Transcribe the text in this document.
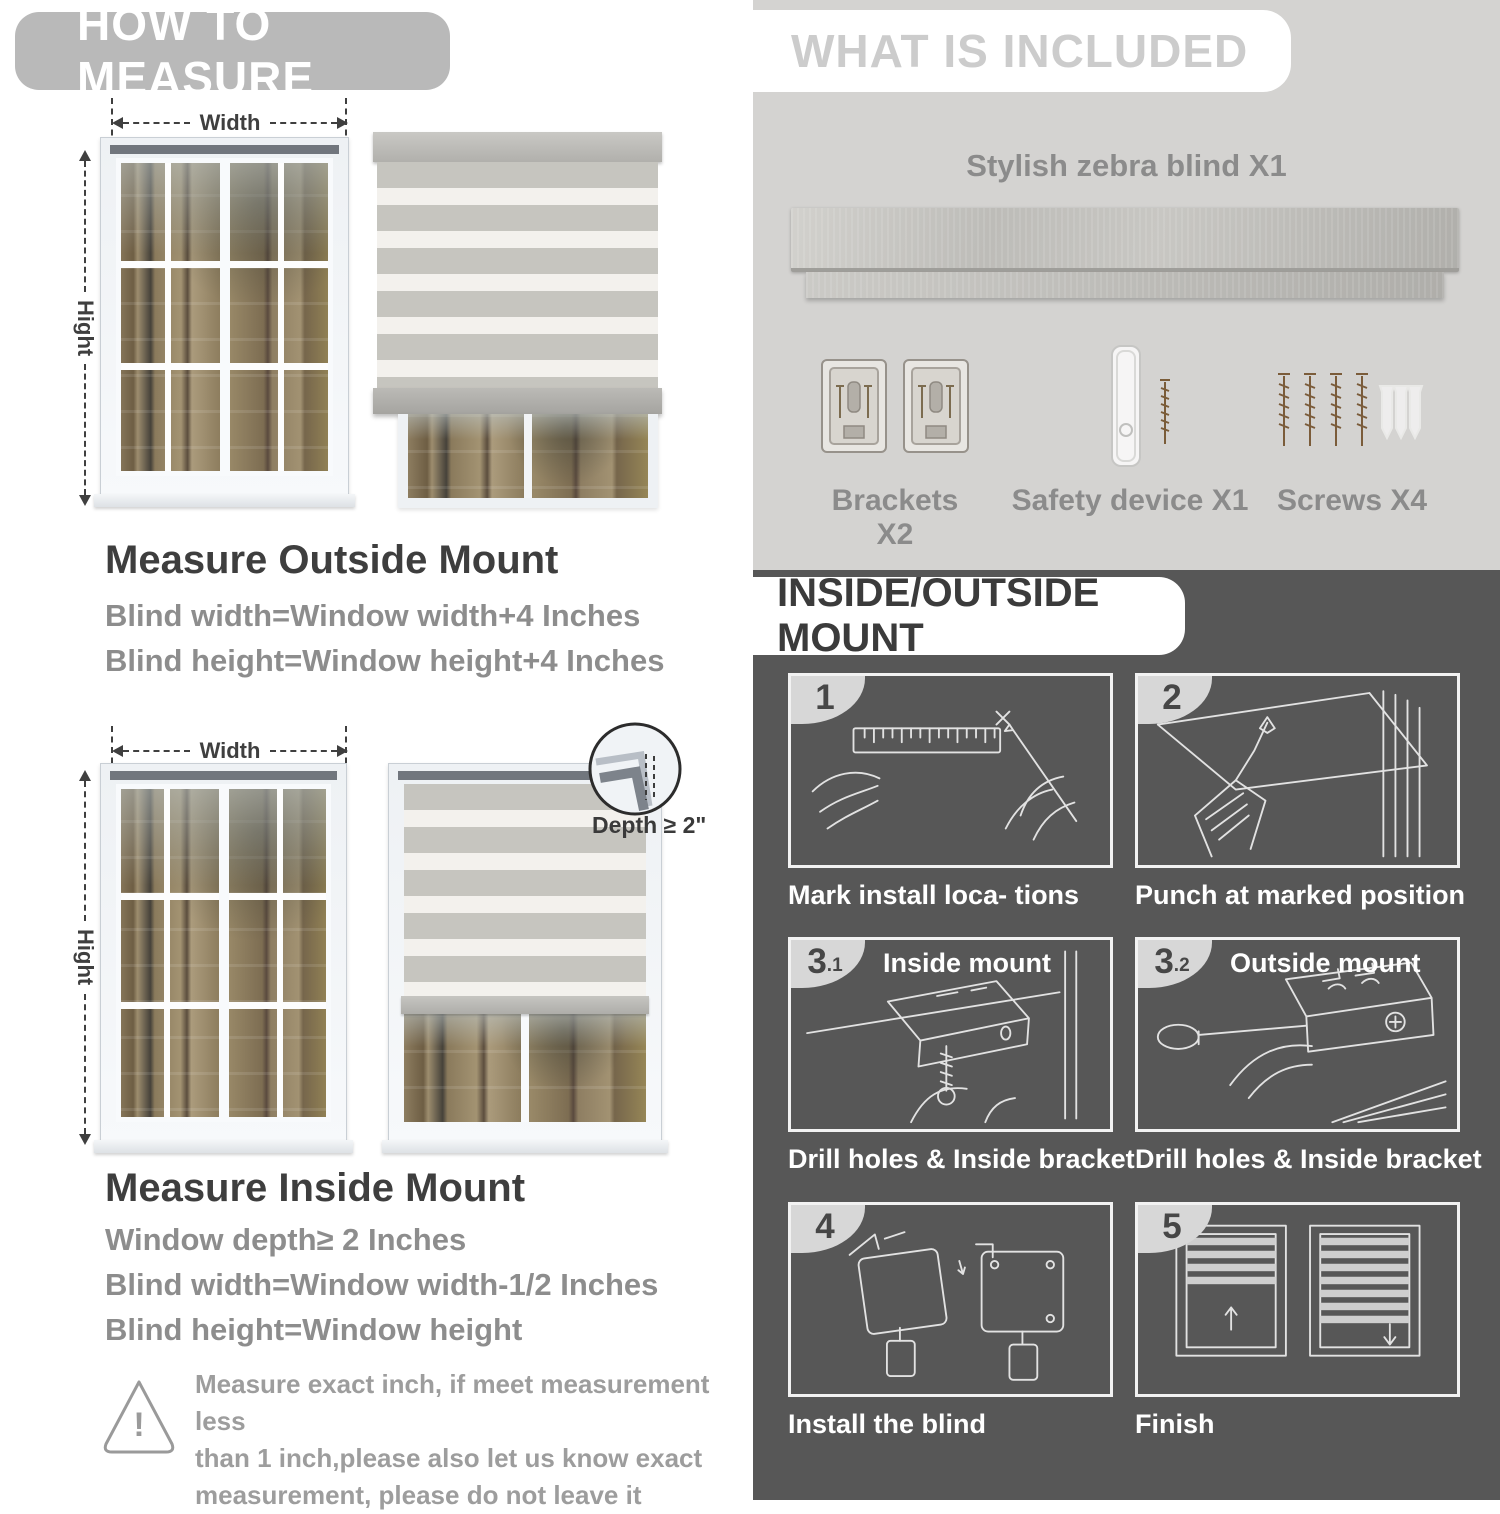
HOW TO MEASURE
Width
Hight
Measure Outside Mount
Blind width=Window width+4 Inches
Blind height=Window height+4 Inches
Width
Hight
Depth ≥ 2"
Measure Inside Mount
Window depth≥ 2 Inches
Blind width=Window width-1/2 Inches
Blind height=Window height
!
Measure exact inch, if meet measurement less
than 1 inch,please also let us know exact
measurement, please do not leave it
WHAT IS INCLUDED
Stylish zebra blind X1
Brackets X2
Safety device X1 Screws X4
INSIDE/OUTSIDE MOUNT
1
Mark install loca- tions
2
Punch at marked position
3 .1 Inside mount
Drill holes & Inside bracket
3 .2 Outside mount
Drill holes & Inside bracket
4
Install the blind
5
Finish
